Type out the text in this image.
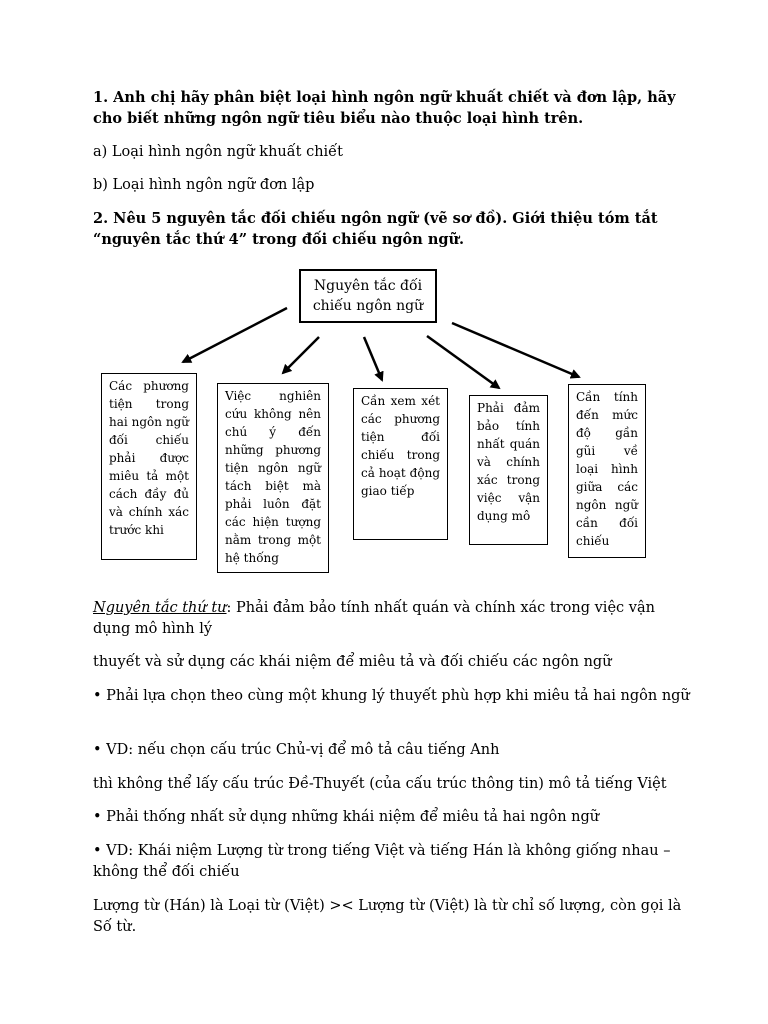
1. Anh chị hãy phân biệt loại hình ngôn ngữ khuất chiết và đơn lập, hãy cho biết những ngôn ngữ tiêu biểu nào thuộc loại hình trên.

a) Loại hình ngôn ngữ khuất chiết

b) Loại hình ngôn ngữ đơn lập

2. Nêu 5 nguyên tắc đối chiếu ngôn ngữ (vẽ sơ đồ). Giới thiệu tóm tắt “nguyên tắc thứ 4” trong đối chiếu ngôn ngữ.

Nguyên tắc đối chiếu ngôn ngữ
Các phương tiện trong hai ngôn ngữ đối chiếu phải được miêu tả một cách đầy đủ và chính xác trước khi
Việc nghiên cứu không nên chú ý đến những phương tiện ngôn ngữ tách biệt mà phải luôn đặt các hiện tượng nằm trong một hệ thống
Cần xem xét các phương tiện đối chiếu trong cả hoạt động giao tiếp
Phải đảm bảo tính nhất quán và chính xác trong việc vận dụng mô
Cần tính đến mức độ gần gũi về loại hình giữa các ngôn ngữ cần đối chiếu

Nguyên tắc thứ tư: Phải đảm bảo tính nhất quán và chính xác trong việc vận dụng mô hình lý

thuyết và sử dụng các khái niệm để miêu tả và đối chiếu các ngôn ngữ

• Phải lựa chọn theo cùng một khung lý thuyết phù hợp khi miêu tả hai ngôn ngữ

• VD: nếu chọn cấu trúc Chủ-vị để mô tả câu tiếng Anh

thì không thể lấy cấu trúc Đề-Thuyết (của cấu trúc thông tin) mô tả tiếng Việt

• Phải thống nhất sử dụng những khái niệm để miêu tả hai ngôn ngữ

• VD: Khái niệm Lượng từ trong tiếng Việt và tiếng Hán là không giống nhau – không thể đối chiếu

Lượng từ (Hán) là Loại từ (Việt) >< Lượng từ (Việt) là từ chỉ số lượng, còn gọi là Số từ.
